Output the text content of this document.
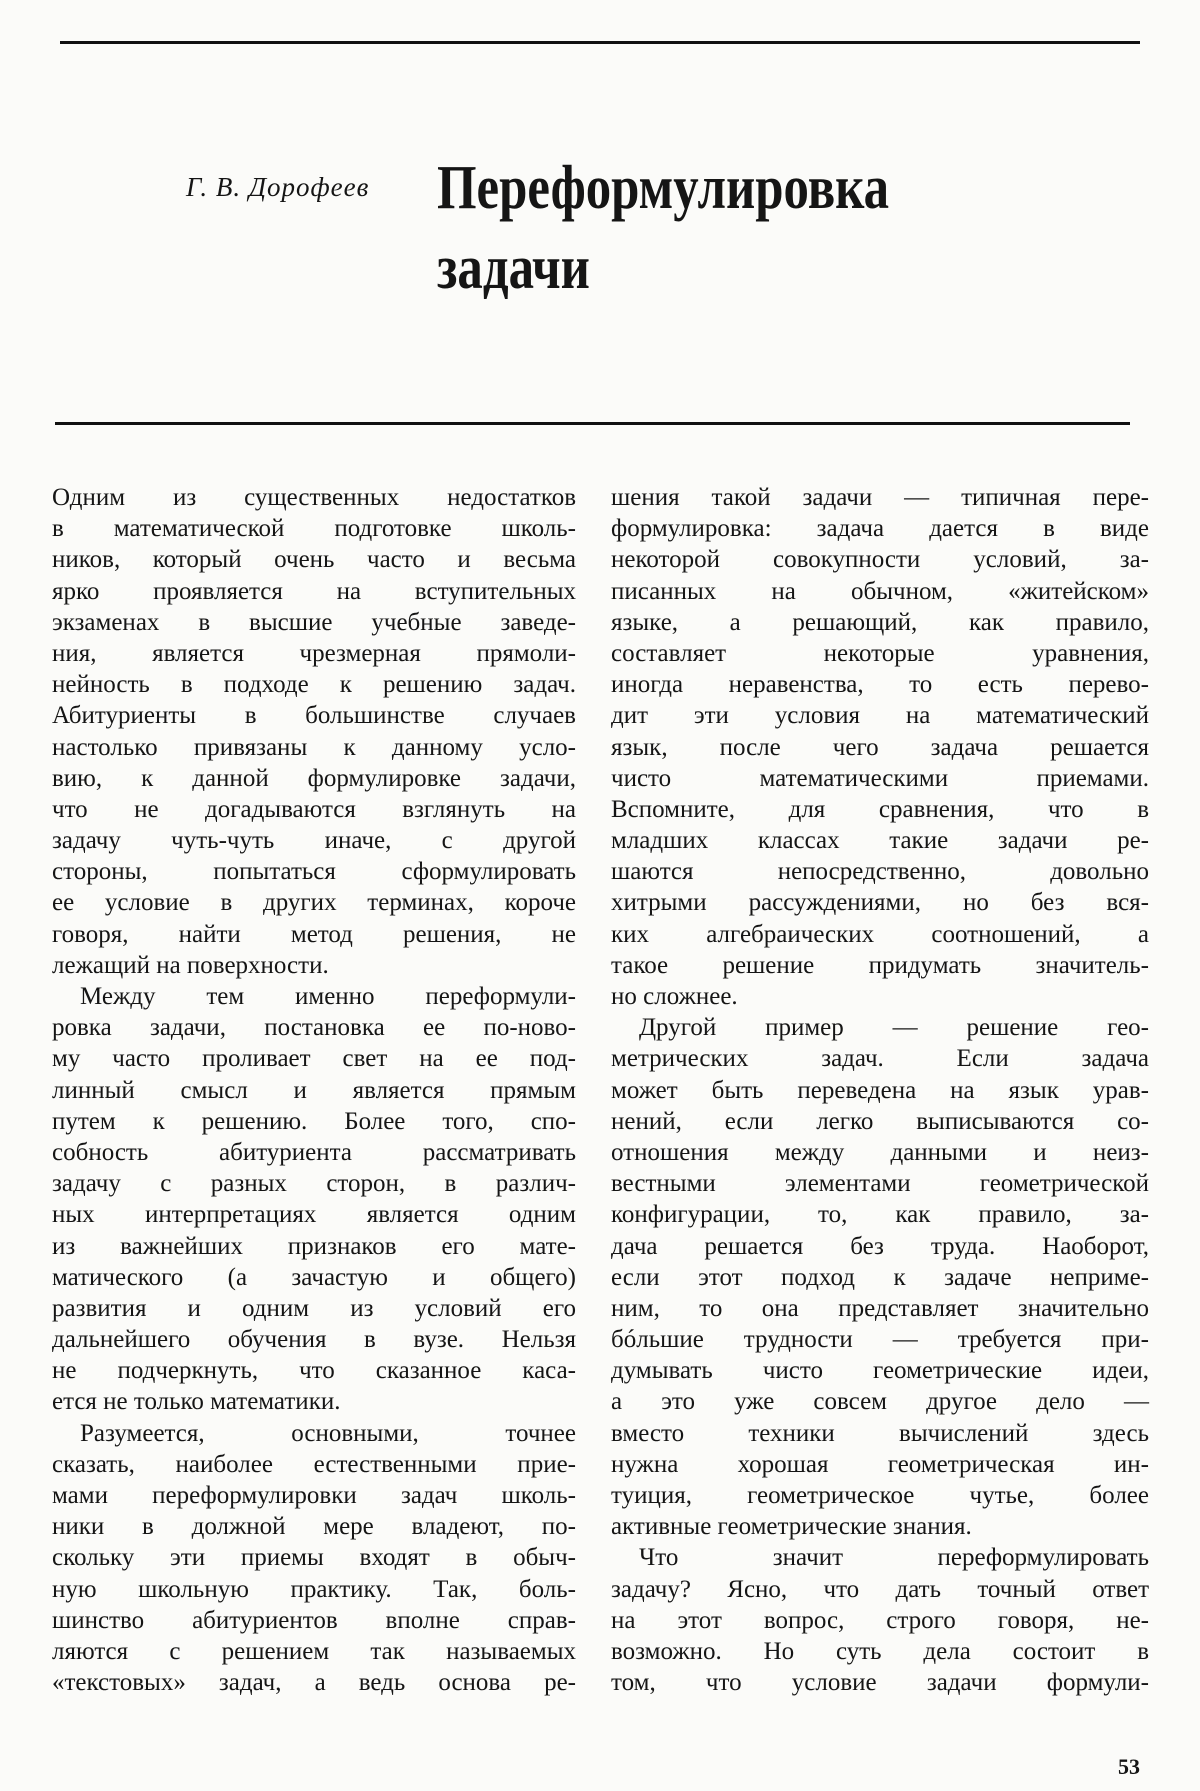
Г. В. Дорофеев Переформулировка
задачи
Одним из существенных недостатков
в математической подготовке школь-
ников, который очень часто и весьма
ярко проявляется на вступительных
экзаменах в высшие учебные заведе-
ния, является чрезмерная прямоли-
нейность в подходе к решению задач.
Абитуриенты в большинстве случаев
настолько привязаны к данному усло-
вию, к данной формулировке задачи,
что не догадываются взглянуть на
задачу чуть-чуть иначе, с другой
стороны, попытаться сформулировать
ее условие в других терминах, короче
говоря, найти метод решения, не
лежащий на поверхности.
Между тем именно переформули-
ровка задачи, постановка ее по-ново-
му часто проливает свет на ее под-
линный смысл и является прямым
путем к решению. Более того, спо-
собность абитуриента рассматривать
задачу с разных сторон, в различ-
ных интерпретациях является одним
из важнейших признаков его мате-
матического (а зачастую и общего)
развития и одним из условий его
дальнейшего обучения в вузе. Нельзя
не подчеркнуть, что сказанное каса-
ется не только математики.
Разумеется, основными, точнее
сказать, наиболее естественными прие-
мами переформулировки задач школь-
ники в должной мере владеют, по-
скольку эти приемы входят в обыч-
ную школьную практику. Так, боль-
шинство абитуриентов вполне справ-
ляются с решением так называемых
«текстовых» задач, а ведь основа ре-
шения такой задачи — типичная пере-
формулировка: задача дается в виде
некоторой совокупности условий, за-
писанных на обычном, «житейском»
языке, а решающий, как правило,
составляет некоторые уравнения,
иногда неравенства, то есть перево-
дит эти условия на математический
язык, после чего задача решается
чисто математическими приемами.
Вспомните, для сравнения, что в
младших классах такие задачи ре-
шаются непосредственно, довольно
хитрыми рассуждениями, но без вся-
ких алгебраических соотношений, а
такое решение придумать значитель-
но сложнее.
Другой пример — решение гео-
метрических задач. Если задача
может быть переведена на язык урав-
нений, если легко выписываются со-
отношения между данными и неиз-
вестными элементами геометрической
конфигурации, то, как правило, за-
дача решается без труда. Наоборот,
если этот подход к задаче неприме-
ним, то она представляет значительно
бóльшие трудности — требуется при-
думывать чисто геометрические идеи,
а это уже совсем другое дело —
вместо техники вычислений здесь
нужна хорошая геометрическая ин-
туиция, геометрическое чутье, более
активные геометрические знания.
Что значит переформулировать
задачу? Ясно, что дать точный ответ
на этот вопрос, строго говоря, не-
возможно. Но суть дела состоит в
том, что условие задачи формули-
53
